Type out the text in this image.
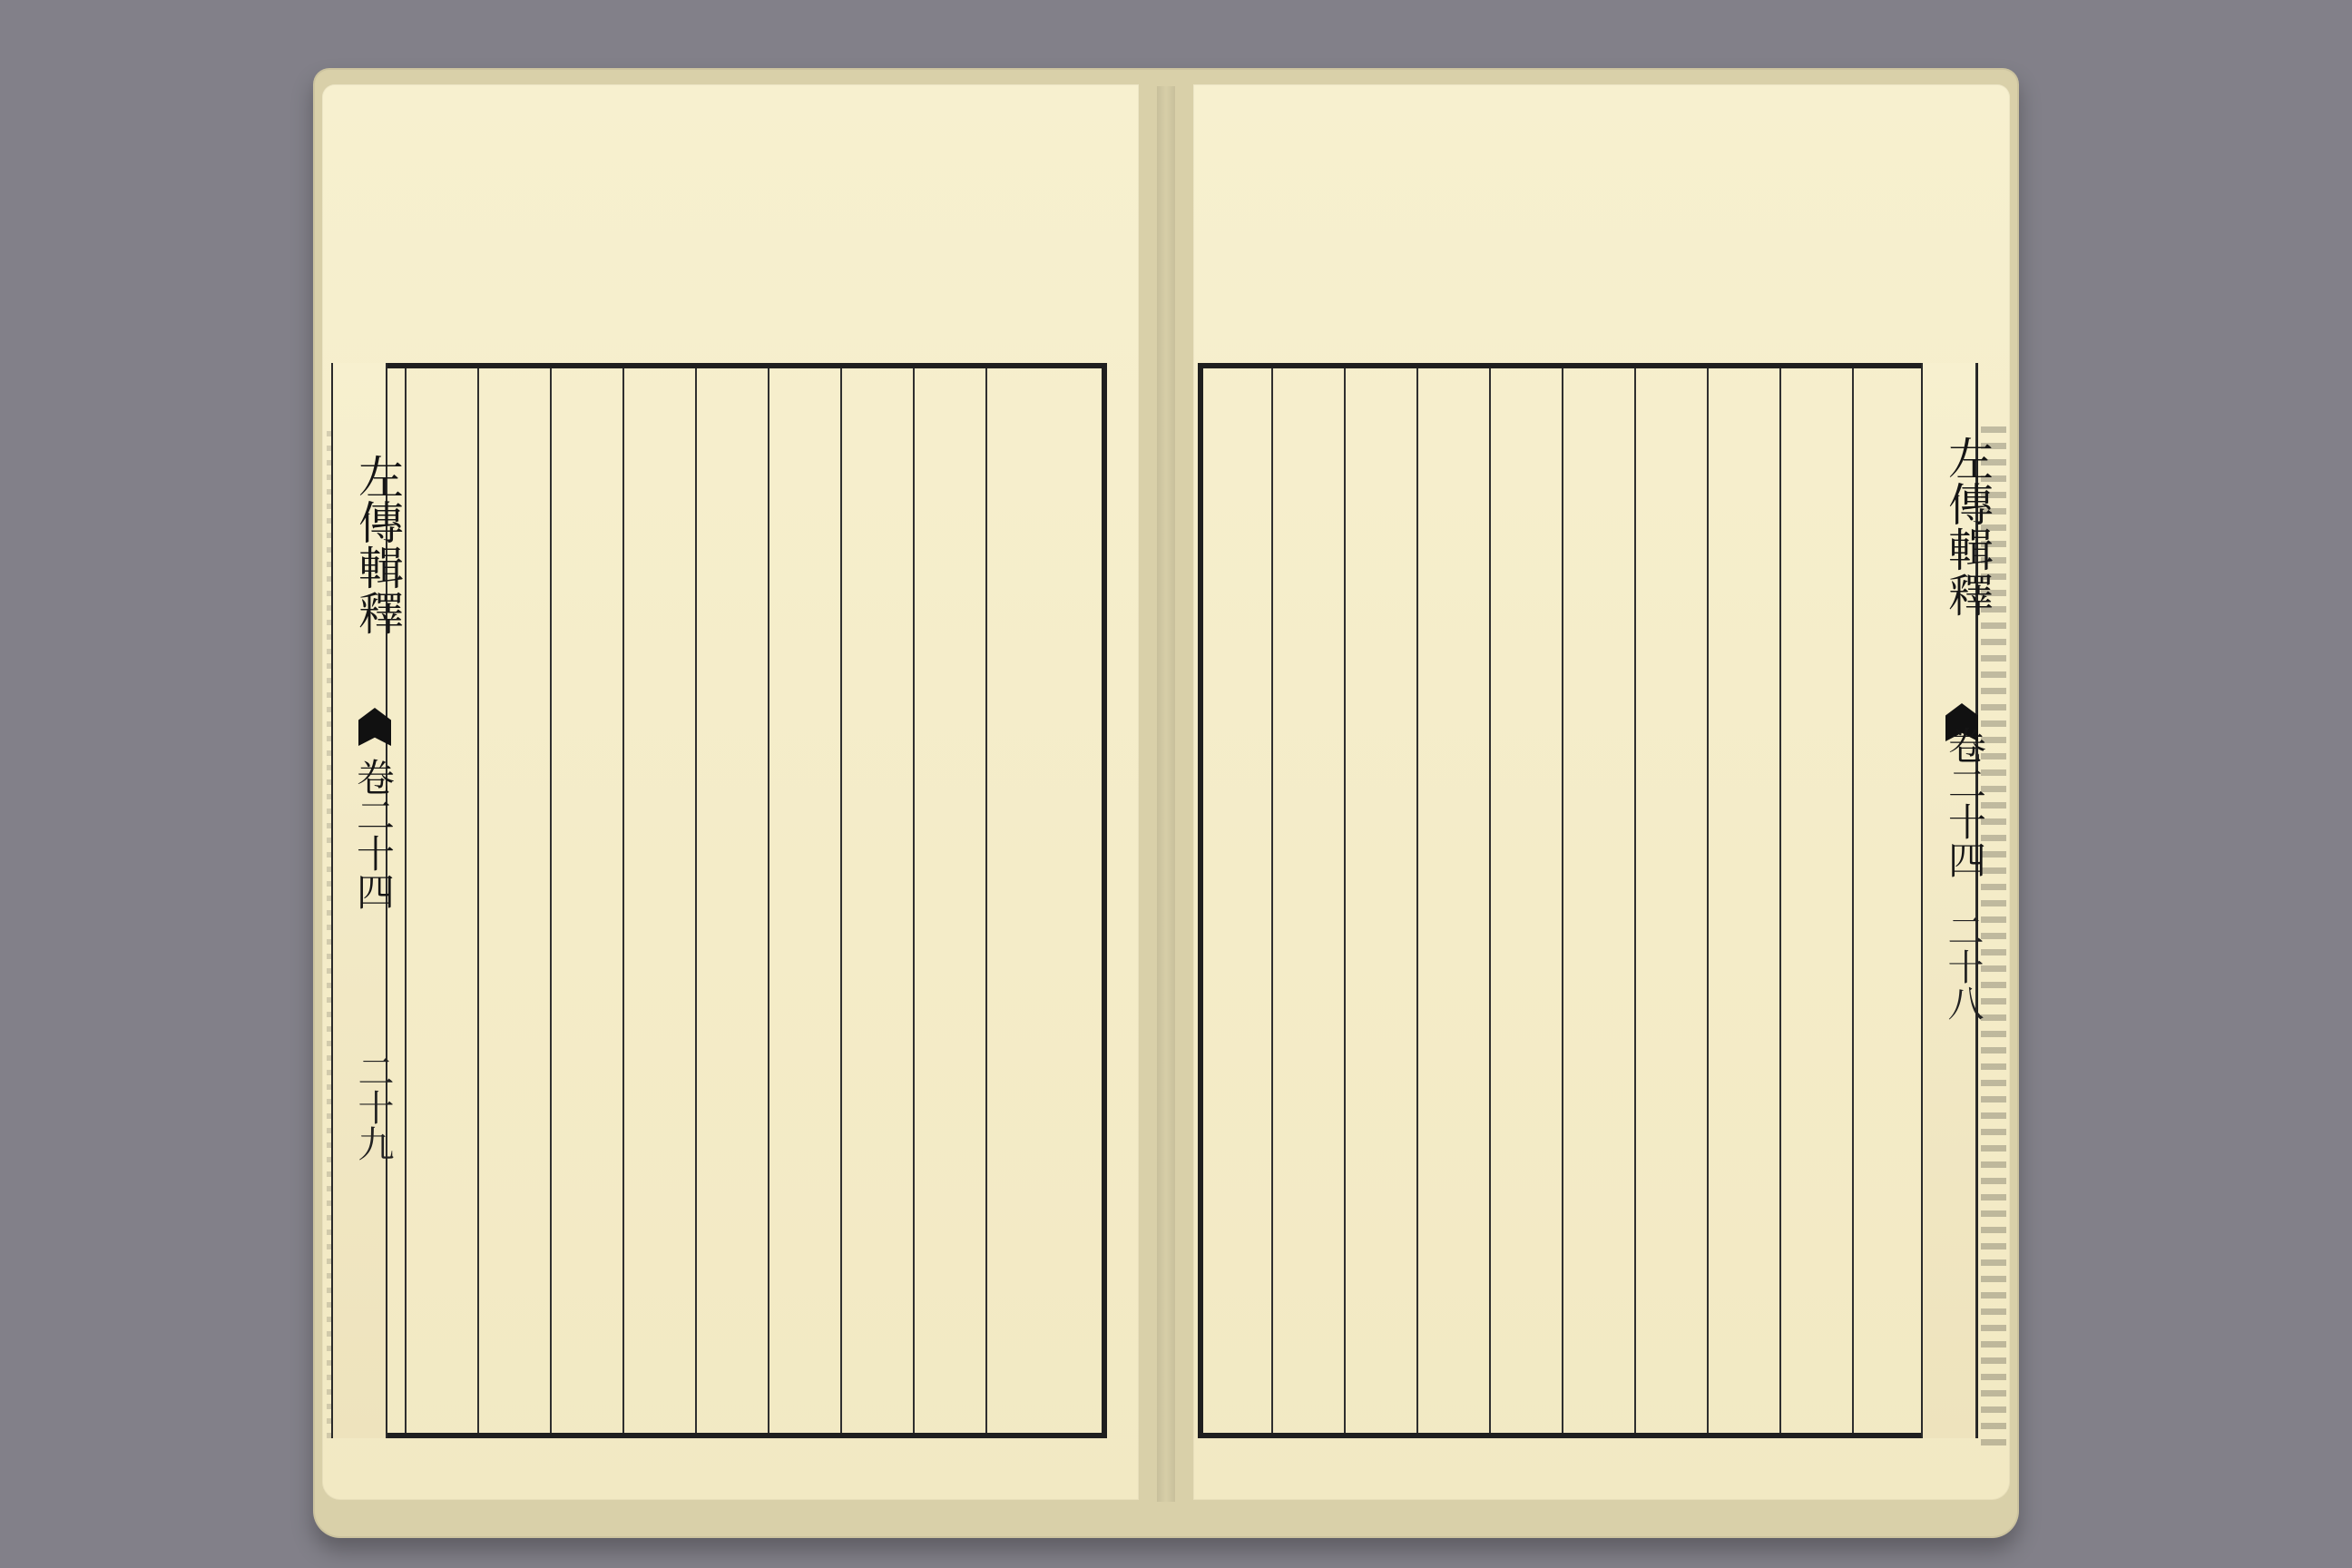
左傳輯釋
卷二十四
二十九
左傳輯釋
卷二十四
二十八
